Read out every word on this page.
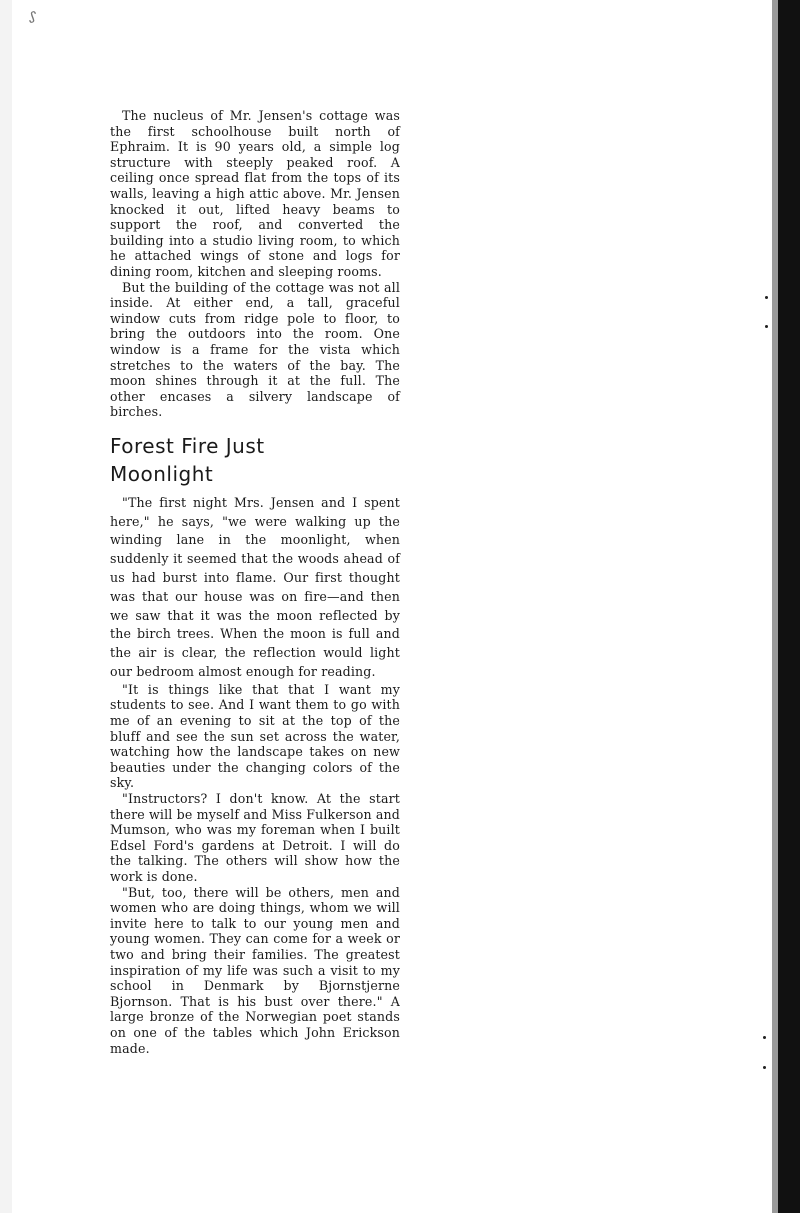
ᔑ

The nucleus of Mr. Jensen's cottage was the first schoolhouse built north of Ephraim. It is 90 years old, a simple log structure with steeply peaked roof. A ceiling once spread flat from the tops of its walls, leaving a high attic above. Mr. Jensen knocked it out, lifted heavy beams to support the roof, and converted the building into a studio living room, to which he attached wings of stone and logs for dining room, kitchen and sleeping rooms.

But the building of the cottage was not all inside. At either end, a tall, graceful window cuts from ridge pole to floor, to bring the outdoors into the room. One window is a frame for the vista which stretches to the waters of the bay. The moon shines through it at the full. The other encases a silvery landscape of birches.

Forest Fire Just Moonlight

"The first night Mrs. Jensen and I spent here," he says, "we were walking up the winding lane in the moonlight, when suddenly it seemed that the woods ahead of us had burst into flame. Our first thought was that our house was on fire—and then we saw that it was the moon reflected by the birch trees. When the moon is full and the air is clear, the reflection would light our bedroom almost enough for reading.

"It is things like that that I want my students to see. And I want them to go with me of an evening to sit at the top of the bluff and see the sun set across the water, watching how the landscape takes on new beauties under the changing colors of the sky.

"Instructors? I don't know. At the start there will be myself and Miss Fulkerson and Mumson, who was my foreman when I built Edsel Ford's gardens at Detroit. I will do the talking. The others will show how the work is done.

"But, too, there will be others, men and women who are doing things, whom we will invite here to talk to our young men and young women. They can come for a week or two and bring their families. The greatest inspiration of my life was such a visit to my school in Denmark by Bjornstjerne Bjornson. That is his bust over there." A large bronze of the Norwegian poet stands on one of the tables which John Erickson made.
